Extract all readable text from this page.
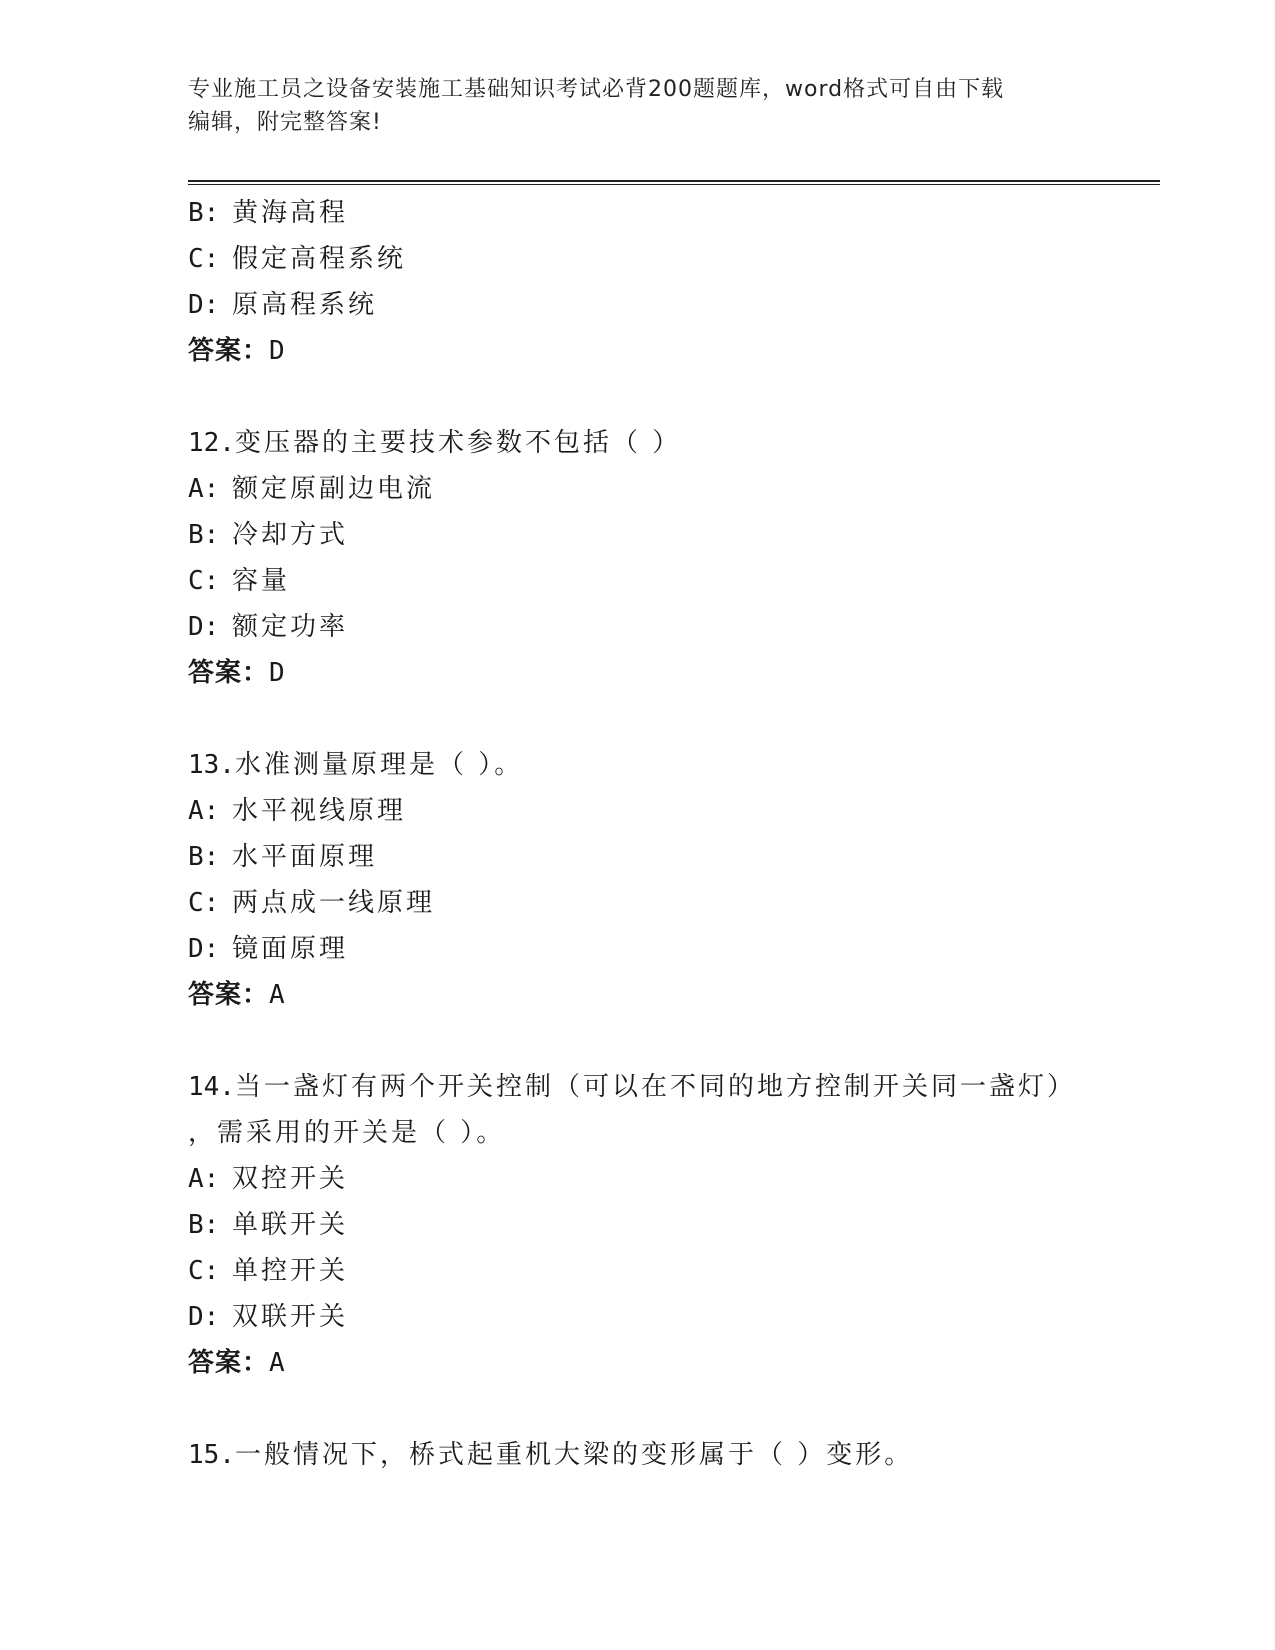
专业施工员之设备安装施工基础知识考试必背200题题库，word格式可自由下载
编辑，附完整答案!
B: 黄海高程
C: 假定高程系统
D: 原高程系统
答案：D
12.变压器的主要技术参数不包括（ ）
A: 额定原副边电流
B: 冷却方式
C: 容量
D: 额定功率
答案：D
13.水准测量原理是（ ）。
A: 水平视线原理
B: 水平面原理
C: 两点成一线原理
D: 镜面原理
答案：A
14.当一盏灯有两个开关控制（可以在不同的地方控制开关同一盏灯）
，需采用的开关是（ ）。
A: 双控开关
B: 单联开关
C: 单控开关
D: 双联开关
答案：A
15.一般情况下，桥式起重机大梁的变形属于（ ）变形。
